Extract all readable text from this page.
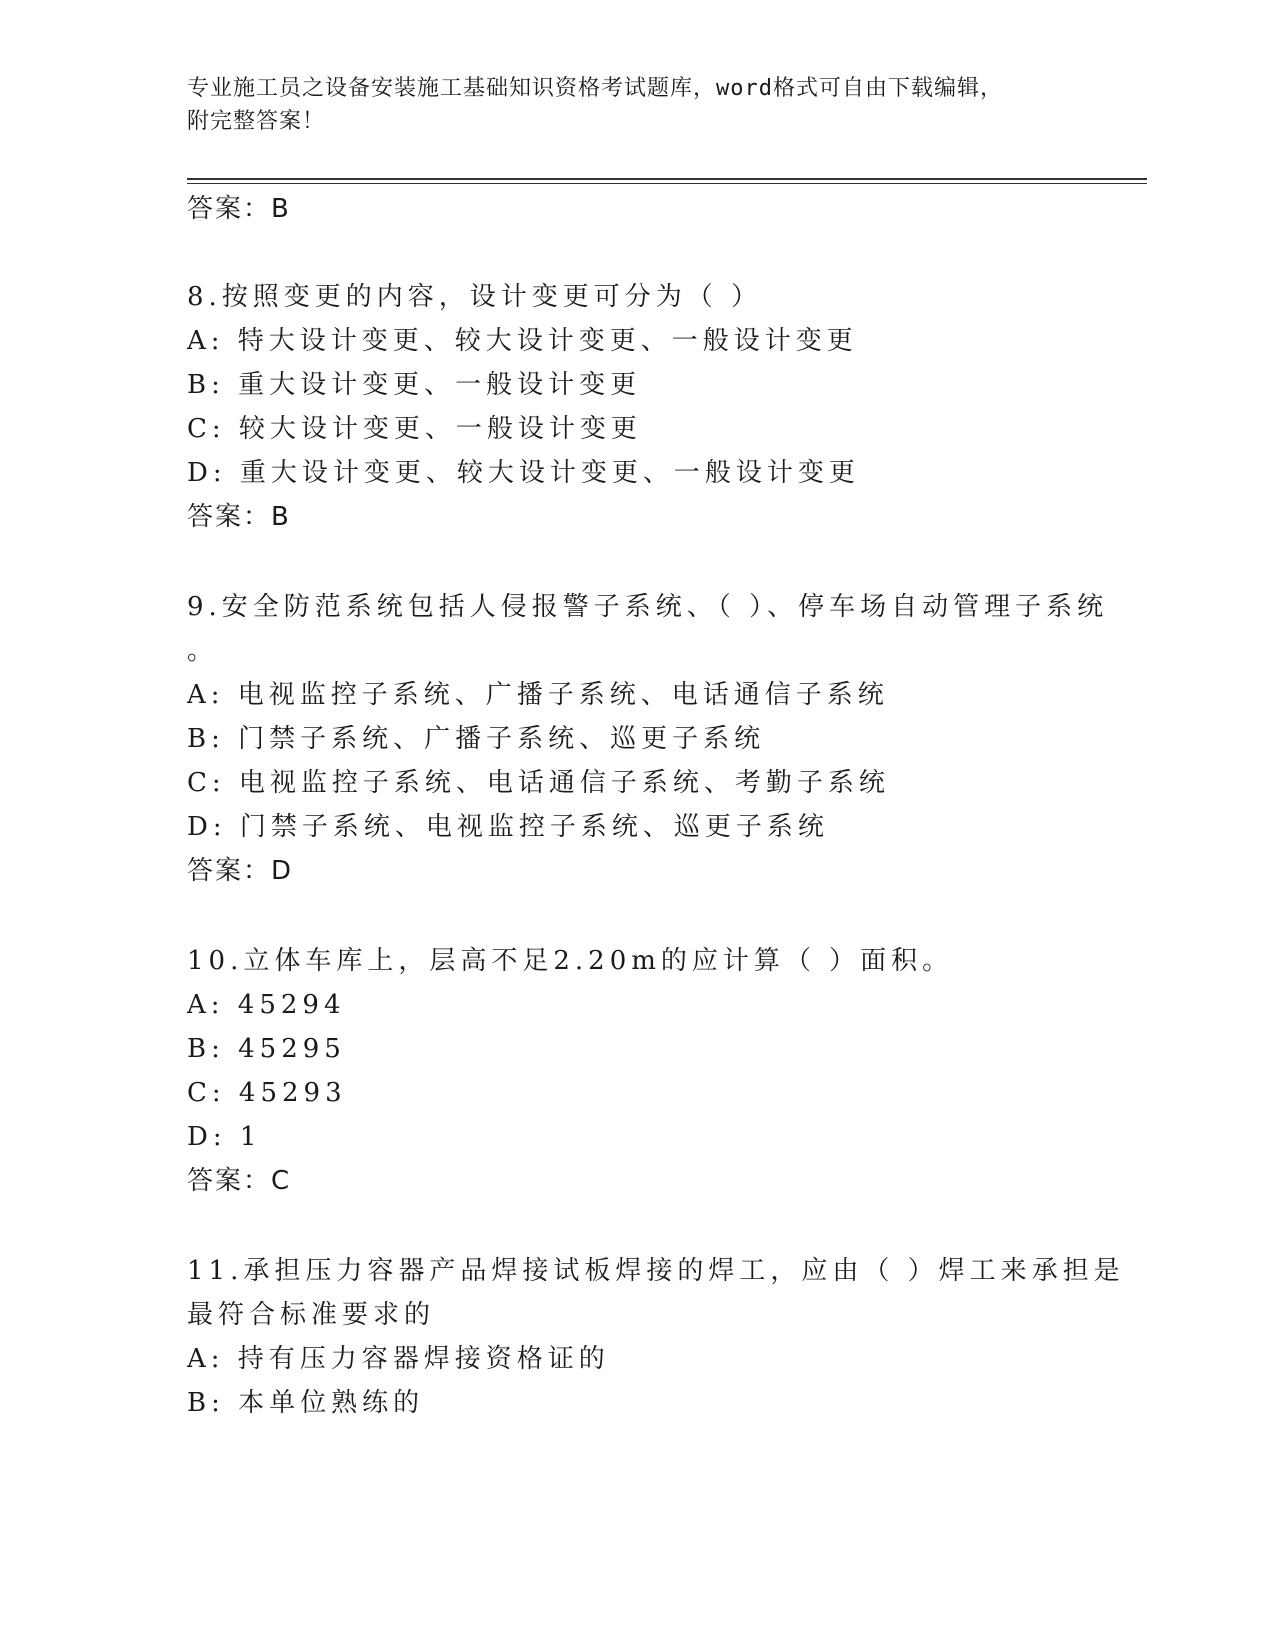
专业施工员之设备安装施工基础知识资格考试题库，word格式可自由下载编辑，
附完整答案！
答案：B
8.按照变更的内容，设计变更可分为（ ）
A: 特大设计变更、较大设计变更、一般设计变更
B: 重大设计变更、一般设计变更
C: 较大设计变更、一般设计变更
D: 重大设计变更、较大设计变更、一般设计变更
答案：B
9.安全防范系统包括人侵报警子系统、（ ）、停车场自动管理子系统
。
A: 电视监控子系统、广播子系统、电话通信子系统
B: 门禁子系统、广播子系统、巡更子系统
C: 电视监控子系统、电话通信子系统、考勤子系统
D: 门禁子系统、电视监控子系统、巡更子系统
答案：D
10.立体车库上，层高不足2.20m的应计算（ ）面积。
A: 45294
B: 45295
C: 45293
D: 1
答案：C
11.承担压力容器产品焊接试板焊接的焊工，应由（ ）焊工来承担是
最符合标准要求的
A: 持有压力容器焊接资格证的
B: 本单位熟练的
